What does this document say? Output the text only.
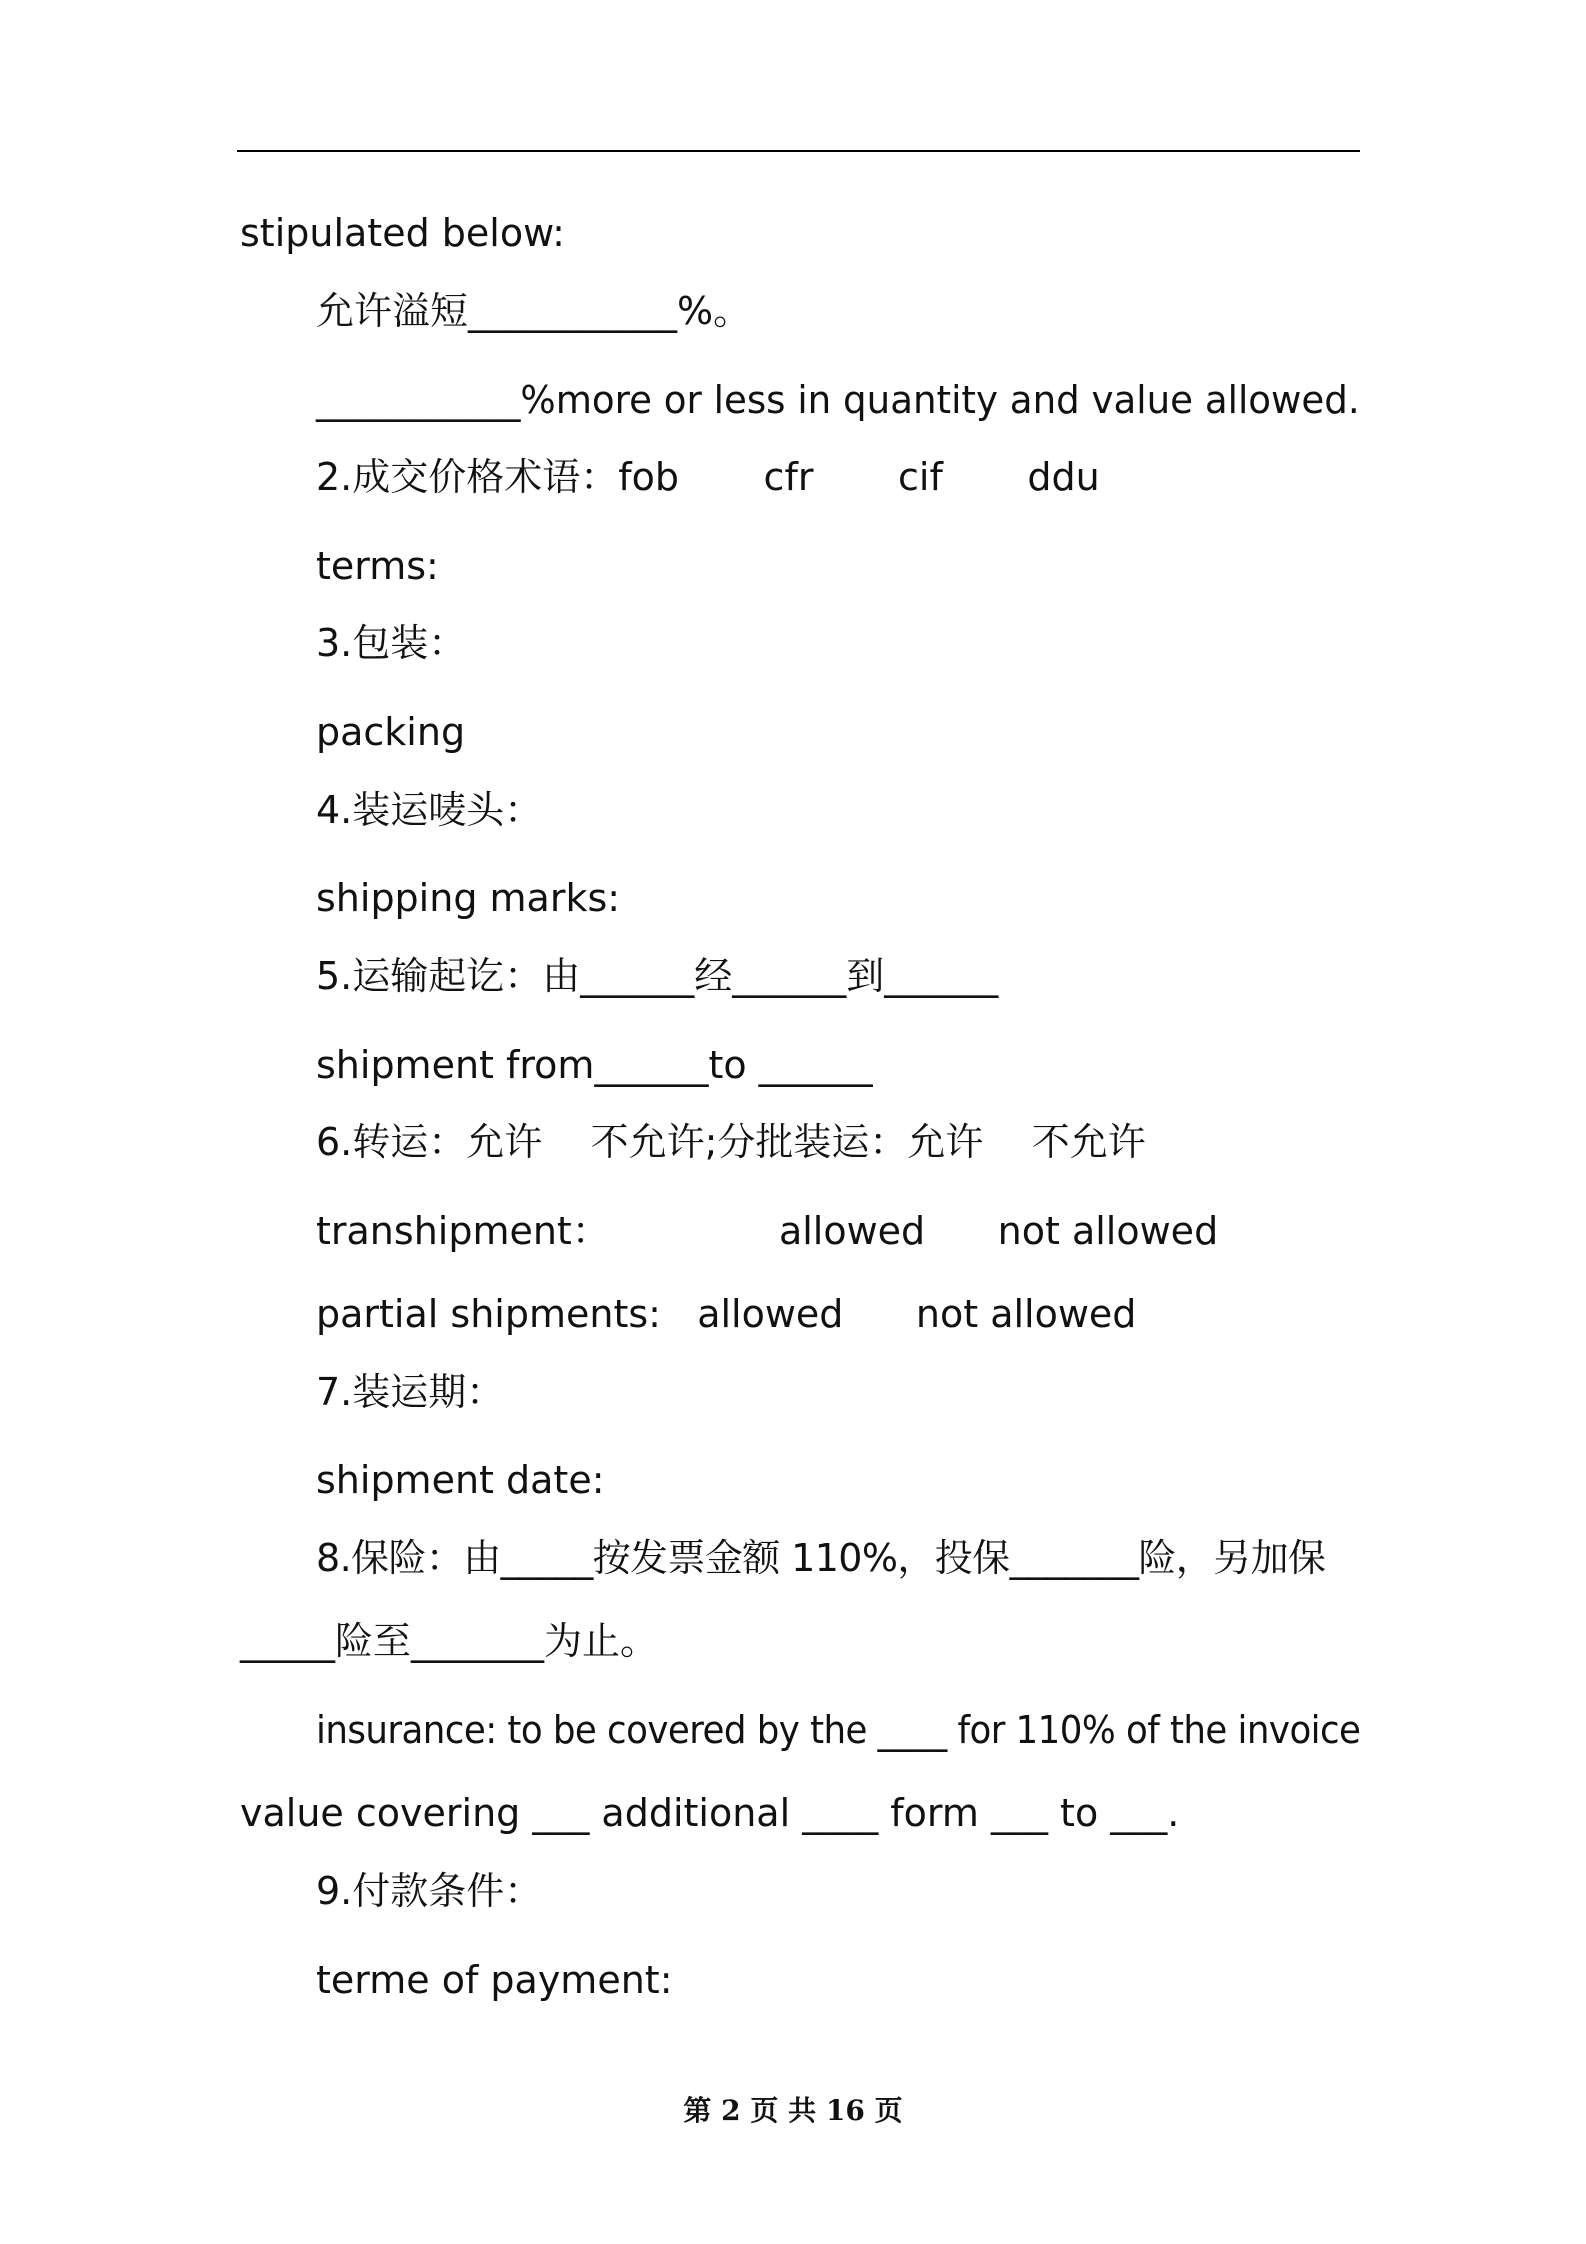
stipulated below:
允许溢短___________%。
___________%more or less in quantity and value allowed.
2.成交价格术语：fob       cfr       cif       ddu
terms:
3.包装：
packing
4.装运唛头：
shipping marks:
5.运输起讫：由______经______到______
shipment from______to ______
6.转运：允许    不允许;分批装运：允许    不允许
transhipment：              allowed      not allowed
partial shipments:   allowed      not allowed
7.装运期：
shipment date:
8.保险：由_____按发票金额 110%，投保_______险，另加保
_____险至_______为止。
insurance: to be covered by the ____ for 110% of the invoice
value covering ___ additional ____ form ___ to ___.
9.付款条件：
terme of payment:
第 2 页 共 16 页
